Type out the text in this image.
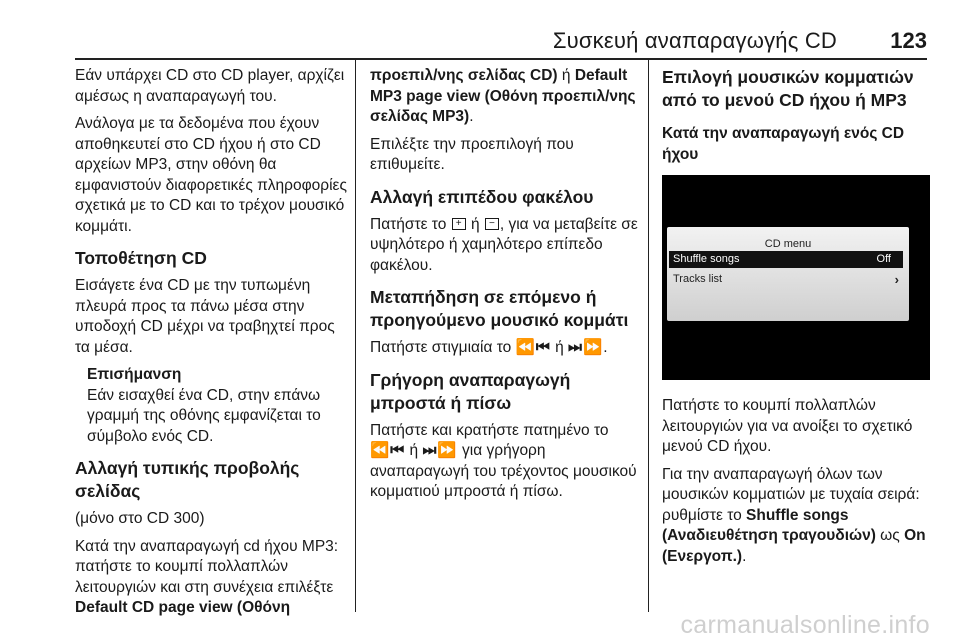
Συσκευή αναπαραγωγής CD 123

Εάν υπάρχει CD στο CD player, αρχίζει αμέσως η αναπαραγωγή του.

Ανάλογα με τα δεδομένα που έχουν αποθηκευτεί στο CD ήχου ή στο CD αρχείων MP3, στην οθόνη θα εμφανιστούν διαφορετικές πληροφορίες σχετικά με το CD και το τρέχον μουσικό κομμάτι.

Τοποθέτηση CD

Εισάγετε ένα CD με την τυπωμένη πλευρά προς τα πάνω μέσα στην υποδοχή CD μέχρι να τραβηχτεί προς τα μέσα.

Επισήμανση
Εάν εισαχθεί ένα CD, στην επάνω γραμμή της οθόνης εμφανίζεται το σύμβολο ενός CD.
Αλλαγή τυπικής προβολής σελίδας

(μόνο στο CD 300)

Κατά την αναπαραγωγή cd ήχου MP3: πατήστε το κουμπί πολλαπλών λειτουργιών και στη συνέχεια επιλέξτε Default CD page view (Οθόνη

προεπιλ/νης σελίδας CD) ή Default MP3 page view (Οθόνη προεπιλ/νης σελίδας MP3).

Επιλέξτε την προεπιλογή που επιθυμείτε.

Αλλαγή επιπέδου φακέλου

Πατήστε το + ή − , για να μεταβείτε σε υψηλότερο ή χαμηλότερο επίπεδο φακέλου.

Μεταπήδηση σε επόμενο ή προηγούμενο μουσικό κομμάτι

Πατήστε στιγμιαία το ⏪⏮ ή ⏭⏩.

Γρήγορη αναπαραγωγή μπροστά ή πίσω

Πατήστε και κρατήστε πατημένο το ⏪⏮ ή ⏭⏩ για γρήγορη αναπαραγωγή του τρέχοντος μουσικού κομματιού μπροστά ή πίσω.

Επιλογή μουσικών κομματιών από το μενού CD ήχου ή MP3
Κατά την αναπαραγωγή ενός CD ήχου
CD menu
Shuffle songs	Off
Tracks list	›

Πατήστε το κουμπί πολλαπλών λειτουργιών για να ανοίξει το σχετικό μενού CD ήχου.

Για την αναπαραγωγή όλων των μουσικών κομματιών με τυχαία σειρά: ρυθμίστε το Shuffle songs (Αναδιευθέτηση τραγουδιών) ως On (Ενεργοπ.).

carmanualsonline.info
